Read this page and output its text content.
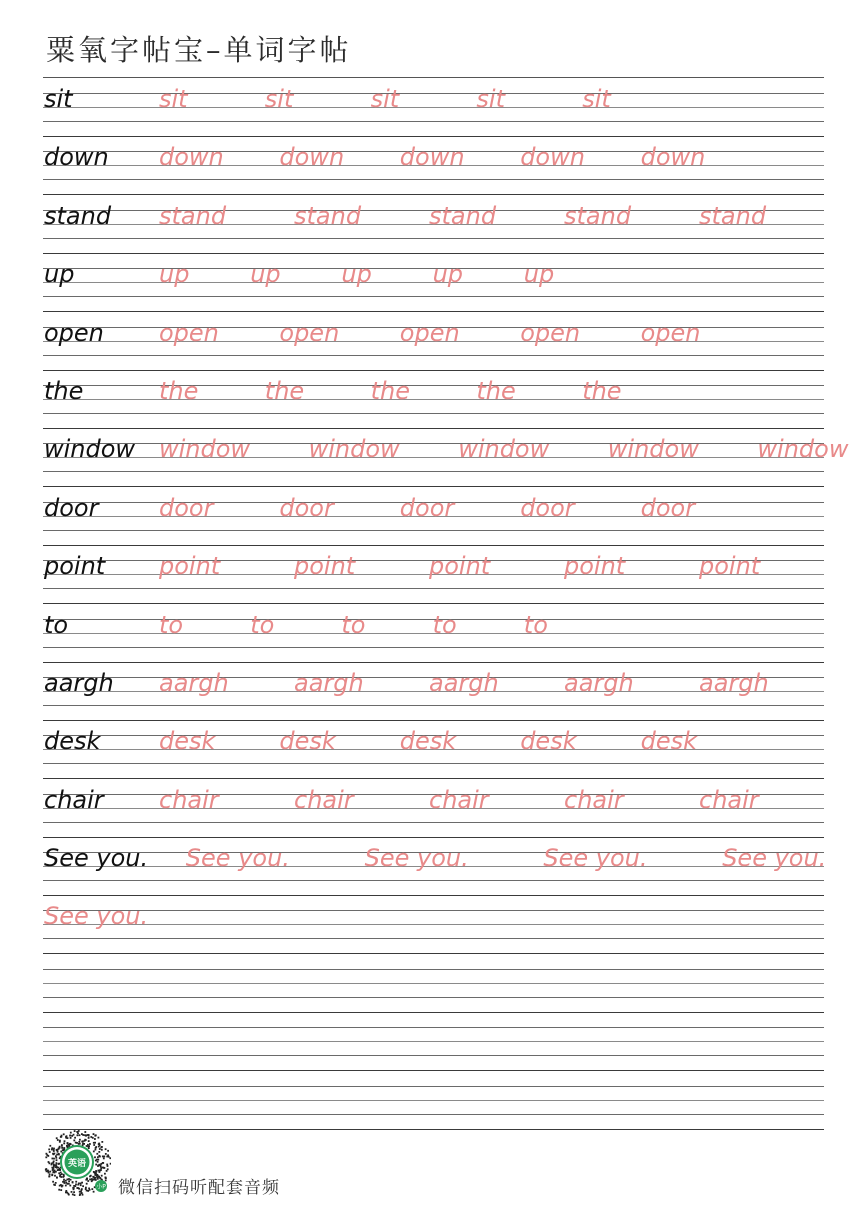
粟氧字帖宝–单词字帖
sit	sit	sit	sit	sit	sit
down down down down down down
stand stand	stand	stand	stand	stand
up	up	up	up	up	up
open open	open	open	open	open
the	the	the	the	the	the
window window window window window window
door	door	door	door	door	door
point point	point	point	point	point
to	to	to	to	to	to
aargh aargh	aargh	aargh	aargh	aargh
desk desk	desk	desk	desk	desk
chair chair	chair	chair	chair	chair
See you. See you.	See you.	See you.	See you.
See you.
英语
小P 微信扫码听配套音频
